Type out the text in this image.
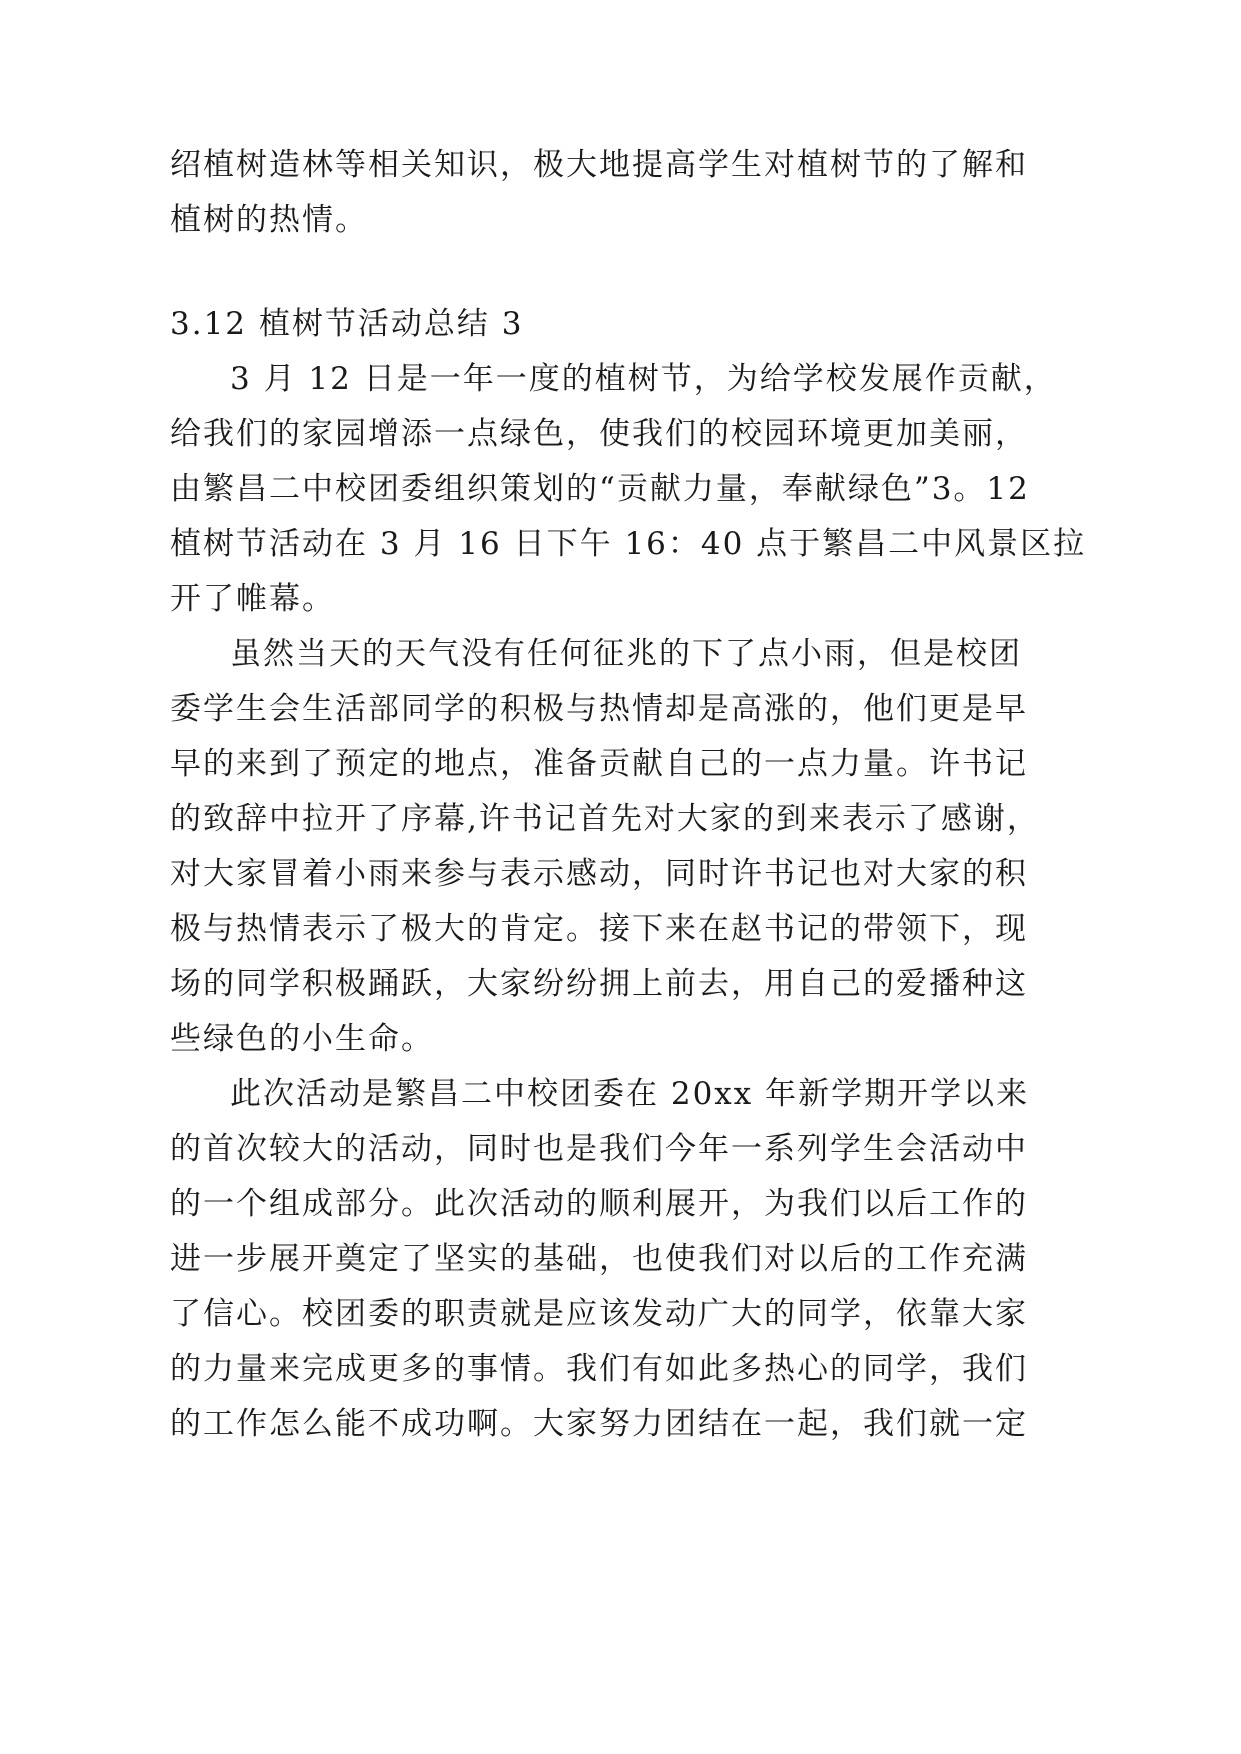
绍植树造林等相关知识，极大地提高学生对植树节的了解和
植树的热情。
3.12 植树节活动总结 3
3 月 12 日是一年一度的植树节，为给学校发展作贡献，
给我们的家园增添一点绿色，使我们的校园环境更加美丽，
由繁昌二中校团委组织策划的“贡献力量，奉献绿色”3。12
植树节活动在 3 月 16 日下午 16：40 点于繁昌二中风景区拉
开了帷幕。
虽然当天的天气没有任何征兆的下了点小雨，但是校团
委学生会生活部同学的积极与热情却是高涨的，他们更是早
早的来到了预定的地点，准备贡献自己的一点力量。许书记
的致辞中拉开了序幕,许书记首先对大家的到来表示了感谢，
对大家冒着小雨来参与表示感动，同时许书记也对大家的积
极与热情表示了极大的肯定。接下来在赵书记的带领下，现
场的同学积极踊跃，大家纷纷拥上前去，用自己的爱播种这
些绿色的小生命。
此次活动是繁昌二中校团委在 20xx 年新学期开学以来
的首次较大的活动，同时也是我们今年一系列学生会活动中
的一个组成部分。此次活动的顺利展开，为我们以后工作的
进一步展开奠定了坚实的基础，也使我们对以后的工作充满
了信心。校团委的职责就是应该发动广大的同学，依靠大家
的力量来完成更多的事情。我们有如此多热心的同学，我们
的工作怎么能不成功啊。大家努力团结在一起，我们就一定
